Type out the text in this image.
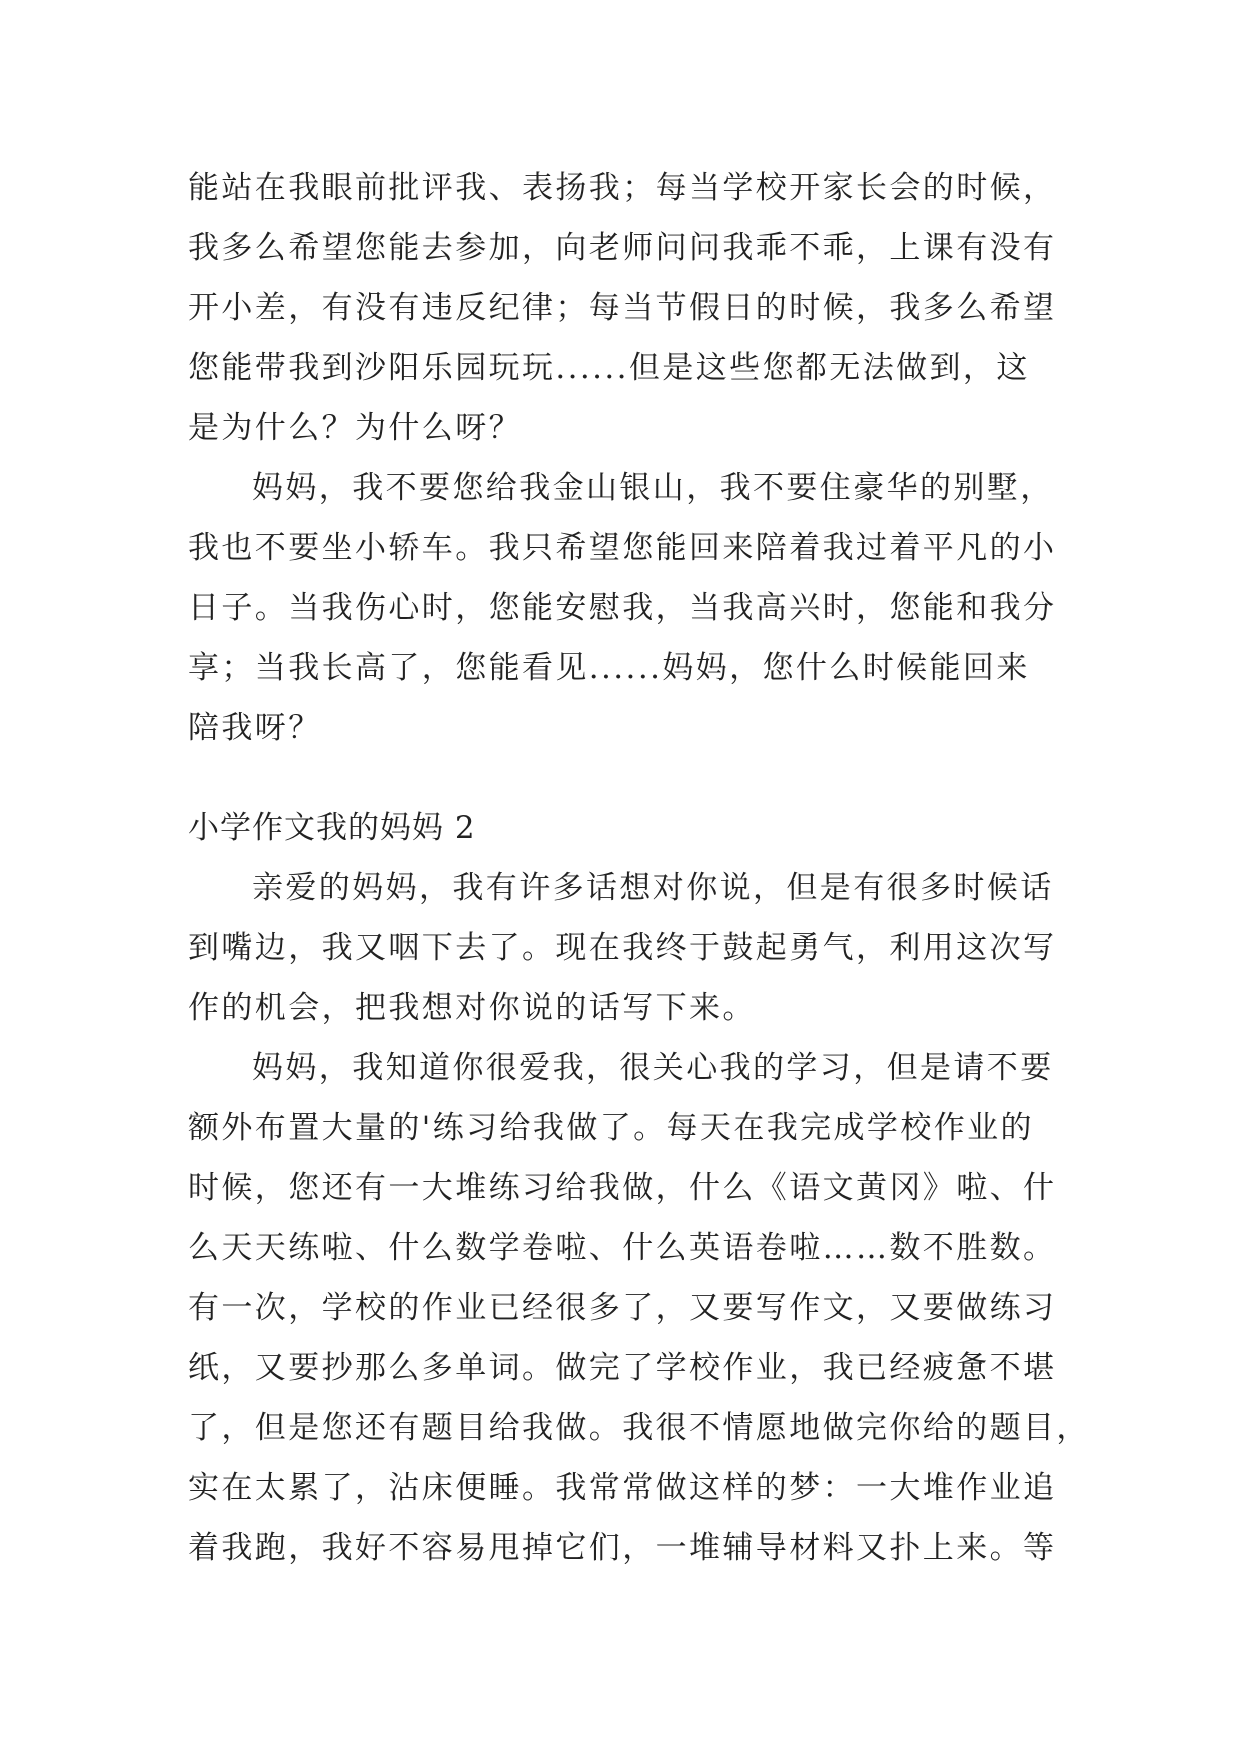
能站在我眼前批评我、表扬我；每当学校开家长会的时候，
我多么希望您能去参加，向老师问问我乖不乖，上课有没有
开小差，有没有违反纪律；每当节假日的时候，我多么希望
您能带我到沙阳乐园玩玩......但是这些您都无法做到，这
是为什么？为什么呀？
妈妈，我不要您给我金山银山，我不要住豪华的别墅，
我也不要坐小轿车。我只希望您能回来陪着我过着平凡的小
日子。当我伤心时，您能安慰我，当我高兴时，您能和我分
享；当我长高了，您能看见......妈妈，您什么时候能回来
陪我呀？
小学作文我的妈妈 2
亲爱的妈妈，我有许多话想对你说，但是有很多时候话
到嘴边，我又咽下去了。现在我终于鼓起勇气，利用这次写
作的机会，把我想对你说的话写下来。
妈妈，我知道你很爱我，很关心我的学习，但是请不要
额外布置大量的'练习给我做了。每天在我完成学校作业的
时候，您还有一大堆练习给我做，什么《语文黄冈》啦、什
么天天练啦、什么数学卷啦、什么英语卷啦……数不胜数。
有一次，学校的作业已经很多了，又要写作文，又要做练习
纸，又要抄那么多单词。做完了学校作业，我已经疲惫不堪
了，但是您还有题目给我做。我很不情愿地做完你给的题目，
实在太累了，沾床便睡。我常常做这样的梦：一大堆作业追
着我跑，我好不容易甩掉它们，一堆辅导材料又扑上来。等
